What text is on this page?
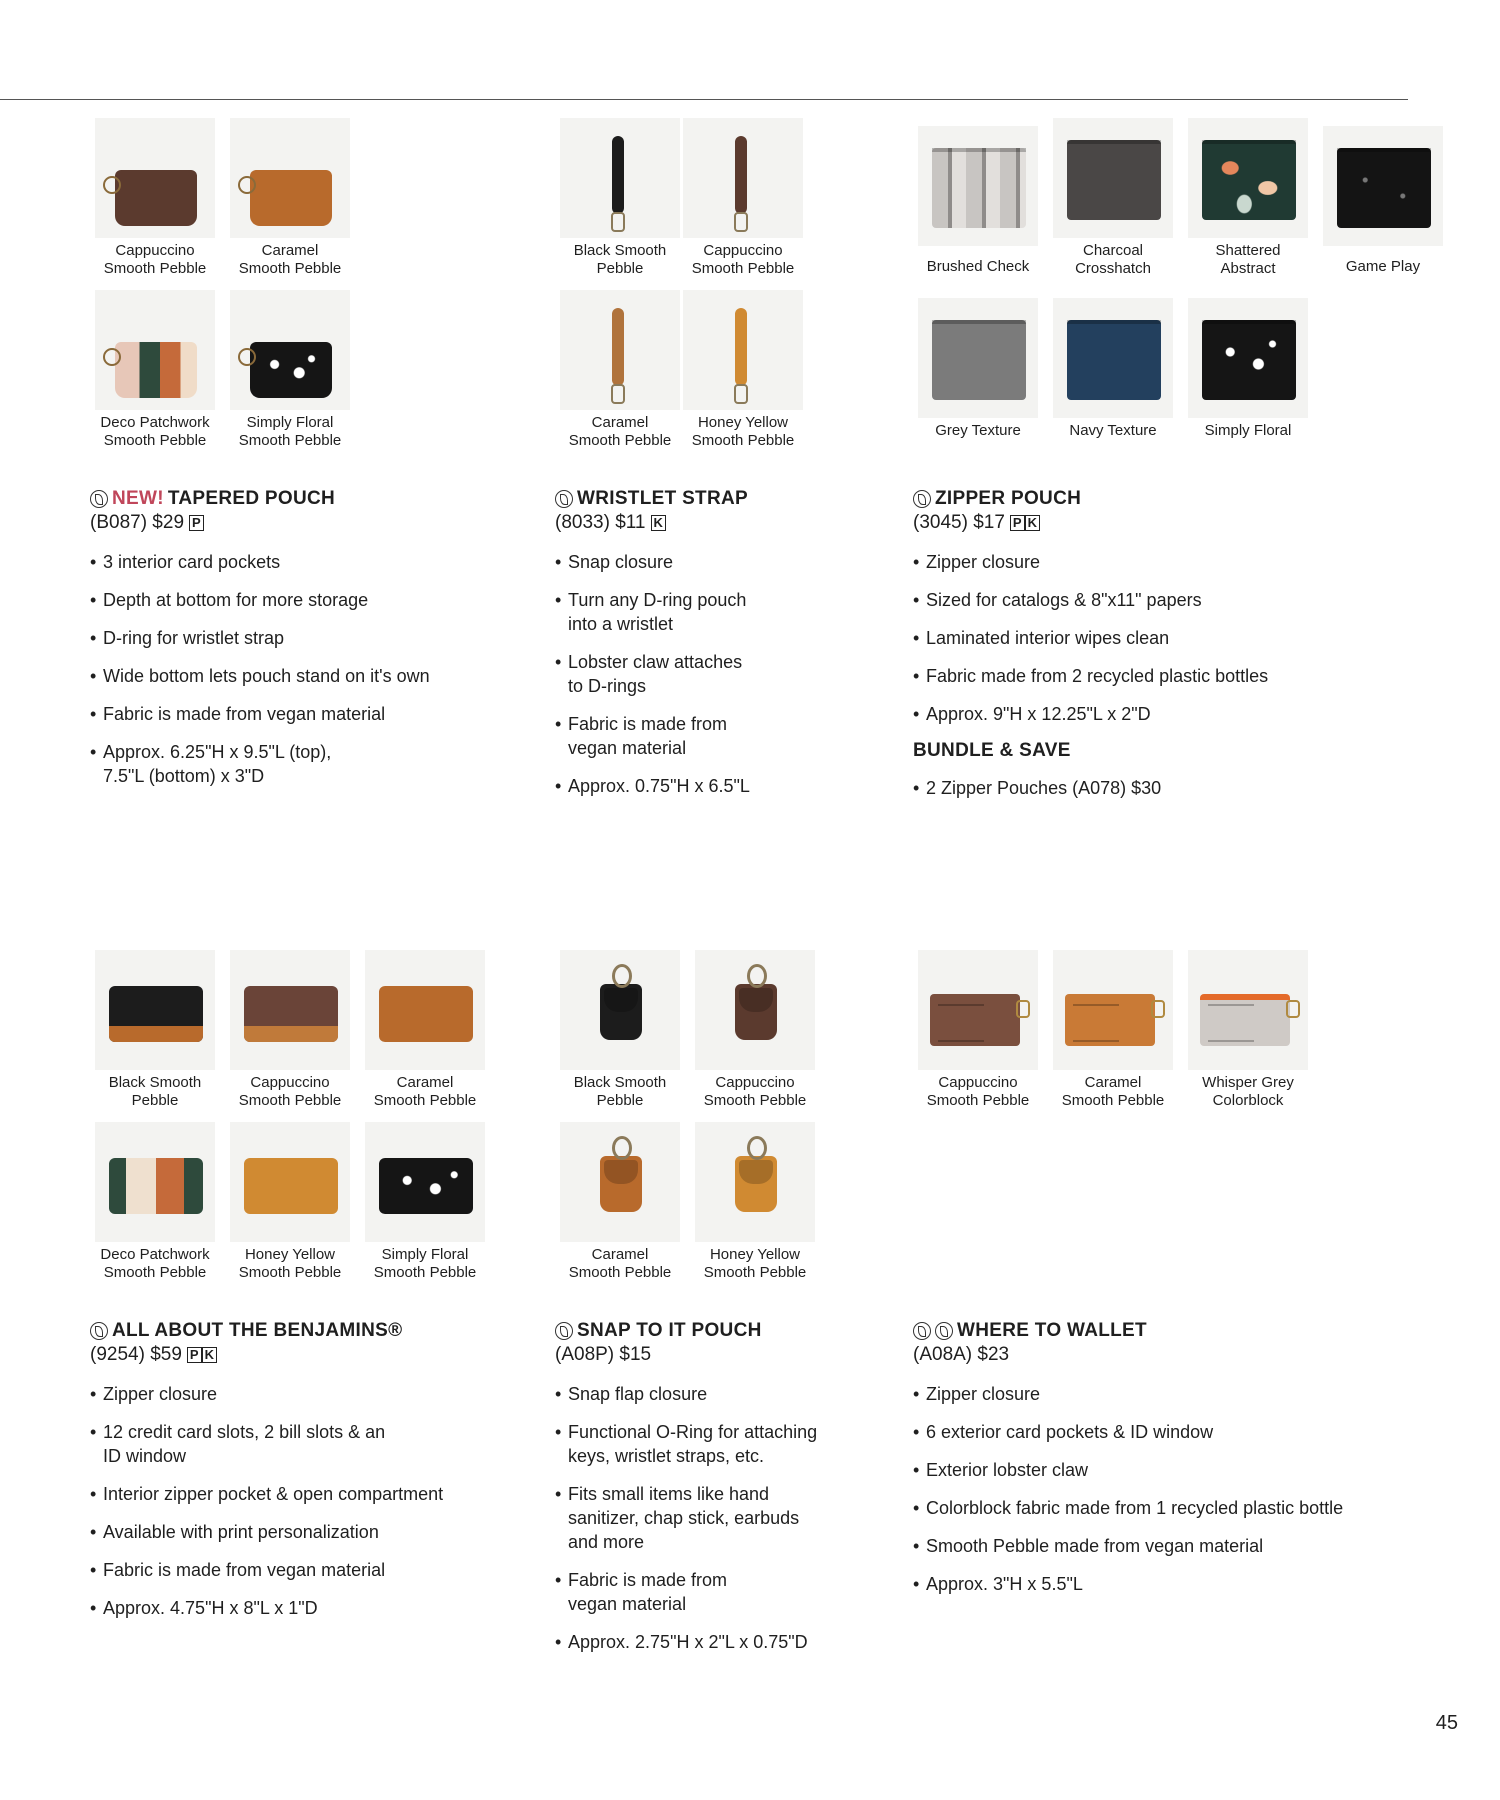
Cappuccino
Smooth Pebble
Caramel
Smooth Pebble
Deco Patchwork
Smooth Pebble
Simply Floral
Smooth Pebble
NEW! TAPERED POUCH
(B087) $29 P
• 3 interior card pockets
• Depth at bottom for more storage
• D-ring for wristlet strap
• Wide bottom lets pouch stand on it's own
• Fabric is made from vegan material
• Approx. 6.25"H x 9.5"L (top),
7.5"L (bottom) x 3"D
Black Smooth
Pebble
Cappuccino
Smooth Pebble
Caramel
Smooth Pebble
Honey Yellow
Smooth Pebble
WRISTLET STRAP
(8033) $11 K
• Snap closure
• Turn any D-ring pouch
into a wristlet
• Lobster claw attaches
to D-rings
• Fabric is made from
vegan material
• Approx. 0.75"H x 6.5"L
Brushed Check
Charcoal
Crosshatch
Shattered
Abstract	Game Play
Grey Texture	Navy Texture	Simply Floral
ZIPPER POUCH
(3045) $17 P K
• Zipper closure
• Sized for catalogs & 8"x11" papers
• Laminated interior wipes clean
• Fabric made from 2 recycled plastic bottles
• Approx. 9"H x 12.25"L x 2"D
BUNDLE & SAVE
• 2 Zipper Pouches (A078) $30
Black Smooth
Pebble
Cappuccino
Smooth Pebble
Caramel
Smooth Pebble
Deco Patchwork
Smooth Pebble
Honey Yellow
Smooth Pebble
Simply Floral
Smooth Pebble
ALL ABOUT THE BENJAMINS®
(9254) $59 P K
• Zipper closure
• 12 credit card slots, 2 bill slots & an
ID window
• Interior zipper pocket & open compartment
• Available with print personalization
• Fabric is made from vegan material
• Approx. 4.75"H x 8"L x 1"D
Black Smooth
Pebble
Cappuccino
Smooth Pebble
Caramel
Smooth Pebble
Honey Yellow
Smooth Pebble
SNAP TO IT POUCH
(A08P) $15
• Snap flap closure
• Functional O-Ring for attaching
keys, wristlet straps, etc.
• Fits small items like hand
sanitizer, chap stick, earbuds
and more
• Fabric is made from
vegan material
• Approx. 2.75"H x 2"L x 0.75"D
Cappuccino
Smooth Pebble
Caramel
Smooth Pebble
Whisper Grey
Colorblock
WHERE TO WALLET
(A08A) $23
• Zipper closure
• 6 exterior card pockets & ID window
• Exterior lobster claw
• Colorblock fabric made from 1 recycled plastic bottle
• Smooth Pebble made from vegan material
• Approx. 3"H x 5.5"L
45
